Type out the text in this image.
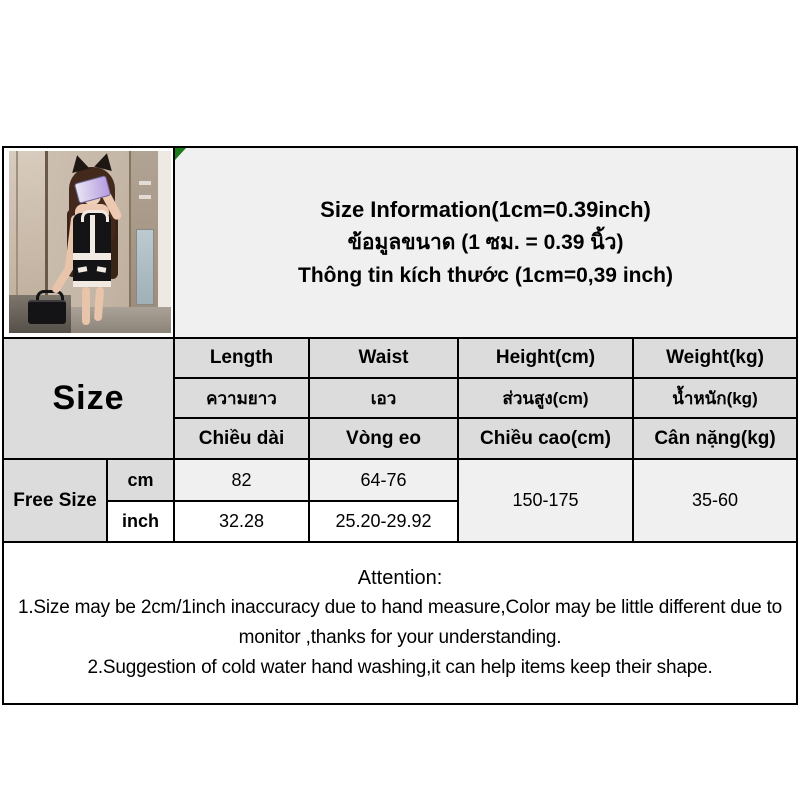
		Size Information(1cm=0.39inch)
ข้อมูลขนาด (1 ซม. = 0.39 นิ้ว)
Thông tin kích thước (1cm=0,39 inch)			

Size		Length	Waist	Height(cm)	Weight(kg)
		ความยาว	เอว	ส่วนสูง(cm)	น้ำหนัก(kg)
		Chiều dài	Vòng eo	Chiều cao(cm)	Cân nặng(kg)
Free Size	cm	82	64-76	150-175	35-60
	inch	32.28	25.20-29.92		

Attention:

1.Size may be 2cm/1inch inaccuracy due to hand measure,Color may be little different due to monitor ,thanks for your understanding.

2.Suggestion of cold water hand washing,it can help items keep their shape.					
